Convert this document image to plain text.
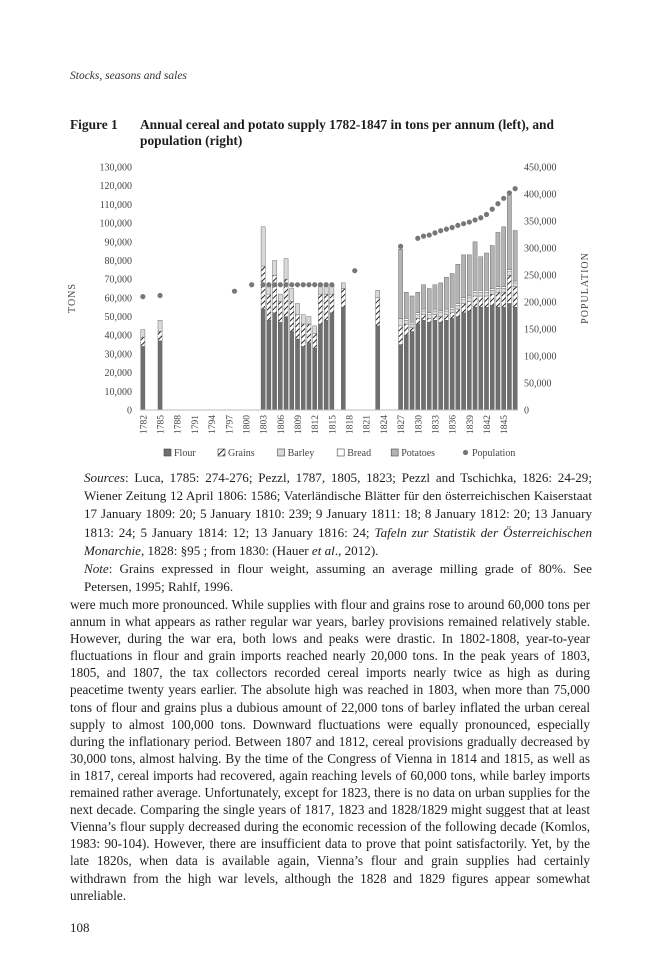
Stocks, seasons and sales
Figure 1	Annual cereal and potato supply 1782-1847 in tons per annum (left), and population (right)
0
10,000
20,000
30,000
40,000
50,000
60,000
70,000
80,000
90,000
100,000
110,000
120,000
130,000
0
50,000
100,000
150,000
200,000
250,000
300,000
350,000
400,000
450,000
TONS	POPULATION
1782 1785 1788 1791 1794 1797 1800 1803 1806 1809 1812 1815 1818 1821 1824 1827 1830 1833 1836 1839 1842 1845
Flour	Grains	Barley	Bread	Potatoes	Population

Sources: Luca, 1785: 274-276; Pezzl, 1787, 1805, 1823; Pezzl and Tschichka, 1826: 24-29; Wiener Zeitung 12 April 1806: 1586; Vaterländische Blätter für den österreichischen Kaiserstaat 17 January 1809: 20; 5 January 1810: 239; 9 January 1811: 18; 8 January 1812: 20; 13 January 1813: 24; 5 January 1814: 12; 13 January 1816: 24; Tafeln zur Statistik der Österreichischen Monarchie, 1828: §95 ; from 1830: (Hauer et al., 2012).

Note: Grains expressed in flour weight, assuming an average milling grade of 80%. See Petersen, 1995; Rahlf, 1996.

were much more pronounced. While supplies with flour and grains rose to around 60,000 tons per annum in what appears as rather regular war years, barley provisions remained relatively stable. However, during the war era, both lows and peaks were drastic. In 1802-1808, year-to-year fluctuations in flour and grain imports reached nearly 20,000 tons. In the peak years of 1803, 1805, and 1807, the tax collectors recorded cereal imports nearly twice as high as during peacetime twenty years earlier. The absolute high was reached in 1803, when more than 75,000 tons of flour and grains plus a dubious amount of 22,000 tons of barley inflated the urban cereal supply to almost 100,000 tons. Downward fluctuations were equally pronounced, especially during the inflationary period. Between 1807 and 1812, cereal provisions gradually decreased by 30,000 tons, almost halving. By the time of the Congress of Vienna in 1814 and 1815, as well as in 1817, cereal imports had recovered, again reaching levels of 60,000 tons, while barley imports remained rather average. Unfortunately, except for 1823, there is no data on urban supplies for the next decade. Comparing the single years of 1817, 1823 and 1828/1829 might suggest that at least Vienna’s flour supply decreased during the economic recession of the following decade (Komlos, 1983: 90-104). However, there are insufficient data to prove that point satisfactorily. Yet, by the late 1820s, when data is available again, Vienna’s flour and grain supplies had certainly withdrawn from the high war levels, although the 1828 and 1829 figures appear somewhat unreliable.

108
